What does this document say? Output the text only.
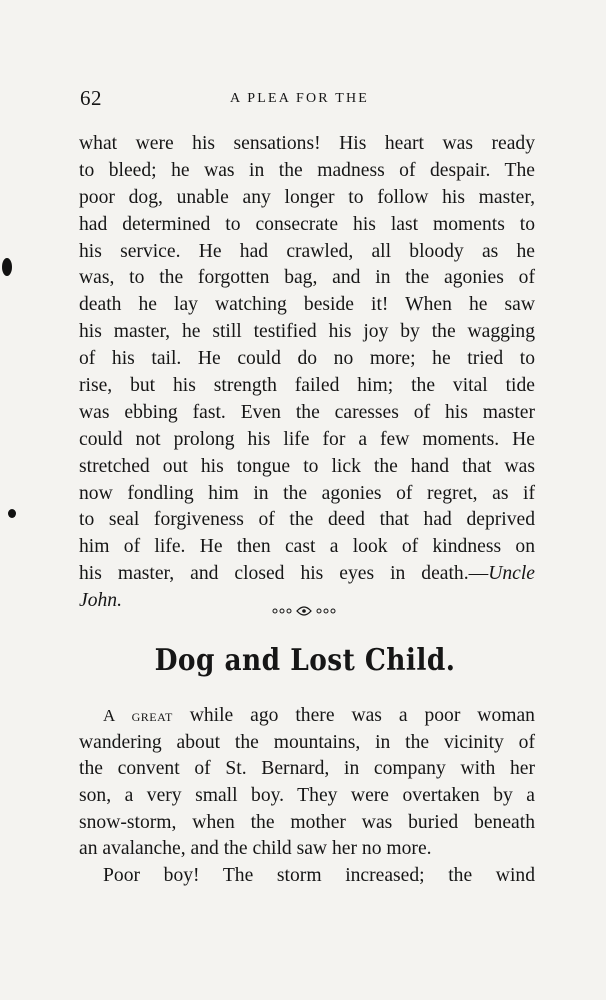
62	A PLEA FOR THE
what were his sensations! His heart was ready
to bleed; he was in the madness of despair. The
poor dog, unable any longer to follow his master,
had determined to consecrate his last moments to
his service. He had crawled, all bloody as he
was, to the forgotten bag, and in the agonies of
death he lay watching beside it! When he saw
his master, he still testified his joy by the wagging
of his tail. He could do no more; he tried to
rise, but his strength failed him; the vital tide
was ebbing fast. Even the caresses of his master
could not prolong his life for a few moments. He
stretched out his tongue to lick the hand that was
now fondling him in the agonies of regret, as if
to seal forgiveness of the deed that had deprived
him of life. He then cast a look of kindness on
his master, and closed his eyes in death.—Uncle
John.
Dog and Lost Child.
A great while ago there was a poor woman
wandering about the mountains, in the vicinity of
the convent of St. Bernard, in company with her
son, a very small boy. They were overtaken by a
snow-storm, when the mother was buried beneath
an avalanche, and the child saw her no more.
Poor boy! The storm increased; the wind
